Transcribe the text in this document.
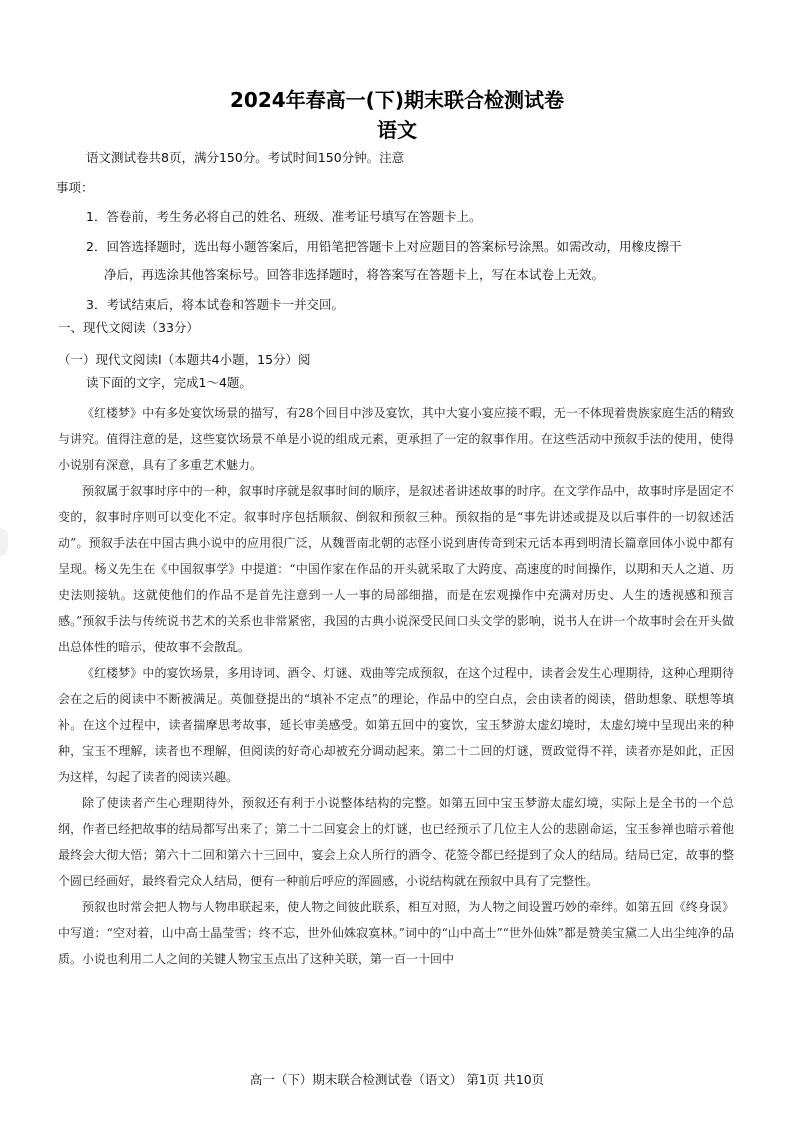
2024年春高一(下)期末联合检测试卷
语文
语文测试卷共8页，满分150分。考试时间150分钟。注意
事项：
1．答卷前，考生务必将自己的姓名、班级、准考证号填写在答题卡上。
2．回答选择题时，选出每小题答案后，用铅笔把答题卡上对应题目的答案标号涂黑。如需改动，用橡皮擦干
净后，再选涂其他答案标号。回答非选择题时，将答案写在答题卡上，写在本试卷上无效。
3．考试结束后，将本试卷和答题卡一并交回。
一、现代文阅读（33分）
（一）现代文阅读Ⅰ（本题共4小题，15分）阅
读下面的文字，完成1～4题。

《红楼梦》中有多处宴饮场景的描写，有28个回目中涉及宴饮，其中大宴小宴应接不暇，无一不体现着贵族家庭生活的精致与讲究。值得注意的是，这些宴饮场景不单是小说的组成元素，更承担了一定的叙事作用。在这些活动中预叙手法的使用，使得小说别有深意，具有了多重艺术魅力。

预叙属于叙事时序中的一种，叙事时序就是叙事时间的顺序，是叙述者讲述故事的时序。在文学作品中，故事时序是固定不变的，叙事时序则可以变化不定。叙事时序包括顺叙、倒叙和预叙三种。预叙指的是“事先讲述或提及以后事件的一切叙述活动”。预叙手法在中国古典小说中的应用很广泛，从魏晋南北朝的志怪小说到唐传奇到宋元话本再到明清长篇章回体小说中都有呈现。杨义先生在《中国叙事学》中提道：“中国作家在作品的开头就采取了大跨度、高速度的时间操作，以期和天人之道、历史法则接轨。这就使他们的作品不是首先注意到一人一事的局部细描，而是在宏观操作中充满对历史、人生的透视感和预言感。”预叙手法与传统说书艺术的关系也非常紧密，我国的古典小说深受民间口头文学的影响，说书人在讲一个故事时会在开头做出总体性的暗示，使故事不会散乱。

《红楼梦》中的宴饮场景，多用诗词、酒令、灯谜、戏曲等完成预叙，在这个过程中，读者会发生心理期待，这种心理期待会在之后的阅读中不断被满足。英伽登提出的“填补不定点”的理论，作品中的空白点，会由读者的阅读，借助想象、联想等填补。在这个过程中，读者揣摩思考故事，延长审美感受。如第五回中的宴饮，宝玉梦游太虚幻境时，太虚幻境中呈现出来的种种，宝玉不理解，读者也不理解，但阅读的好奇心却被充分调动起来。第二十二回的灯谜，贾政觉得不祥，读者亦是如此，正因为这样，勾起了读者的阅读兴趣。

除了使读者产生心理期待外，预叙还有利于小说整体结构的完整。如第五回中宝玉梦游太虚幻境，实际上是全书的一个总纲，作者已经把故事的结局都写出来了；第二十二回宴会上的灯谜，也已经预示了几位主人公的悲剧命运，宝玉参禅也暗示着他最终会大彻大悟；第六十二回和第六十三回中，宴会上众人所行的酒令、花签令都已经提到了众人的结局。结局已定，故事的整个圆已经画好，最终看完众人结局，便有一种前后呼应的浑圆感，小说结构就在预叙中具有了完整性。

预叙也时常会把人物与人物串联起来，使人物之间彼此联系，相互对照，为人物之间设置巧妙的牵绊。如第五回《终身误》中写道：“空对着，山中高士晶莹雪；终不忘，世外仙姝寂寞林。”词中的“山中高士”“世外仙姝”都是赞美宝黛二人出尘纯净的品质。小说也利用二人之间的关键人物宝玉点出了这种关联，第一百一十回中

高一（下）期末联合检测试卷（语文） 第1页 共10页
